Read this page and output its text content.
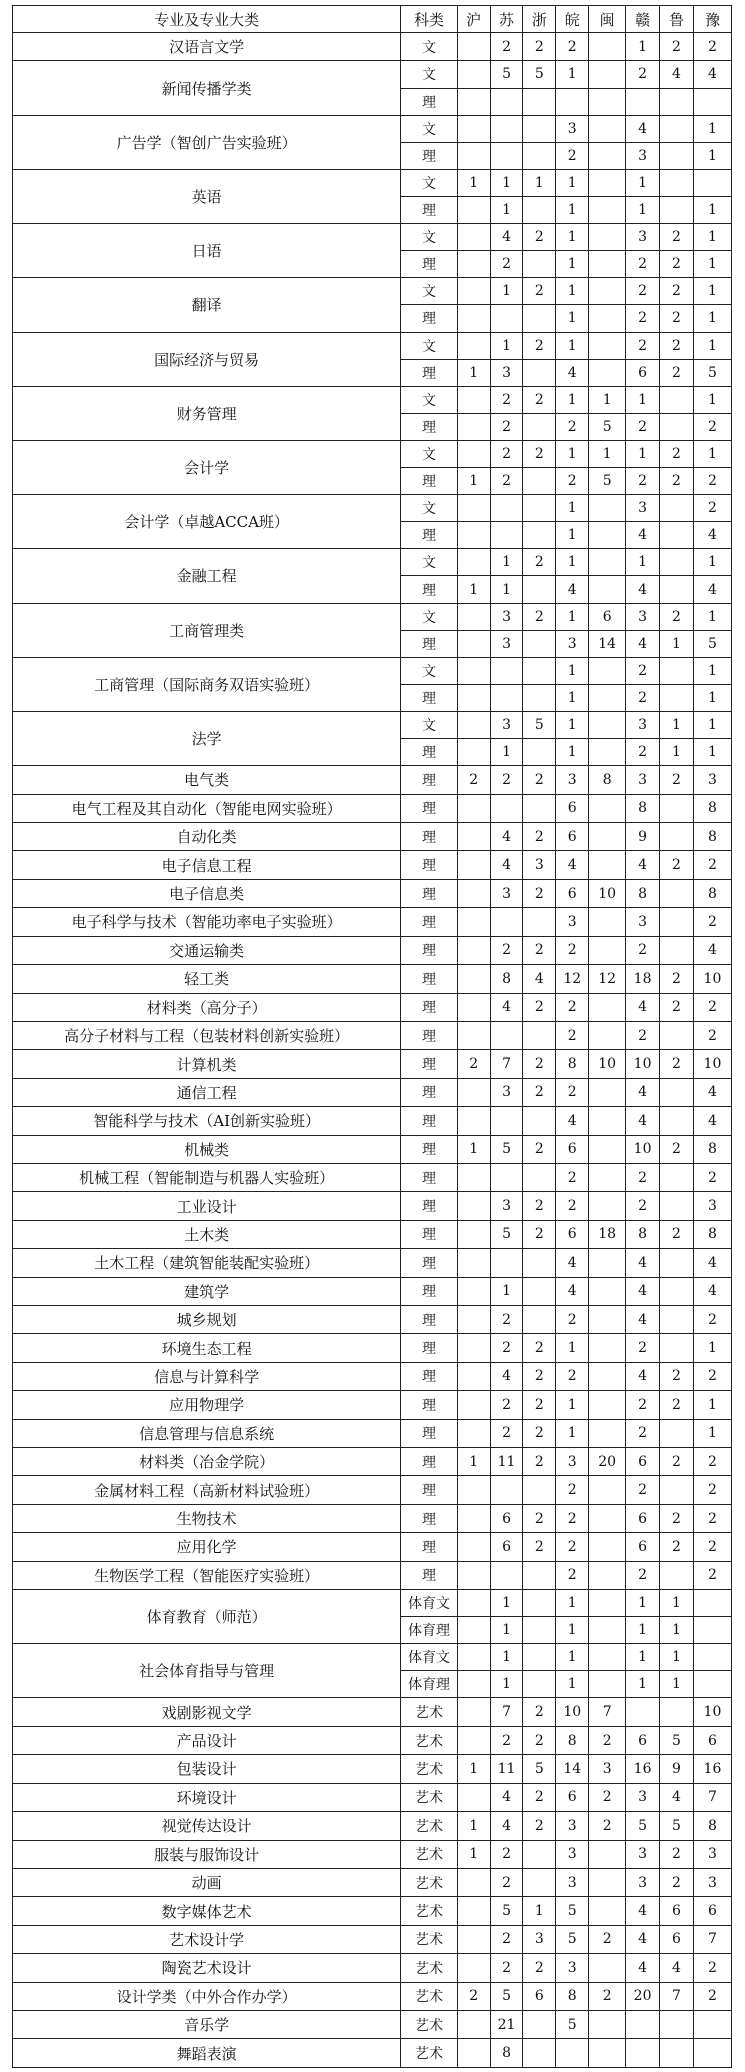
专业及专业大类	科类	沪	苏	浙	皖	闽	赣	鲁	豫
汉语言文学	文		2	2	2		1	2	2
新闻传播学类	文		5	5	1		2	4	4
	理								
广告学（智创广告实验班）	文				3		4		1
	理				2		3		1
英语	文	1	1	1	1		1		
	理		1		1		1		1
日语	文		4	2	1		3	2	1
	理		2		1		2	2	1
翻译	文		1	2	1		2	2	1
	理				1		2	2	1
国际经济与贸易	文		1	2	1		2	2	1
	理	1	3		4		6	2	5
财务管理	文		2	2	1	1	1		1
	理		2		2	5	2		2
会计学	文		2	2	1	1	1	2	1
	理	1	2		2	5	2	2	2
会计学（卓越ACCA班）	文				1		3		2
	理				1		4		4
金融工程	文		1	2	1		1		1
	理	1	1		4		4		4
工商管理类	文		3	2	1	6	3	2	1
	理		3		3	14	4	1	5
工商管理（国际商务双语实验班）	文				1		2		1
	理				1		2		1
法学	文		3	5	1		3	1	1
	理		1		1		2	1	1
电气类	理	2	2	2	3	8	3	2	3
电气工程及其自动化（智能电网实验班）	理				6		8		8
自动化类	理		4	2	6		9		8
电子信息工程	理		4	3	4		4	2	2
电子信息类	理		3	2	6	10	8		8
电子科学与技术（智能功率电子实验班）	理				3		3		2
交通运输类	理		2	2	2		2		4
轻工类	理		8	4	12	12	18	2	10
材料类（高分子）	理		4	2	2		4	2	2
高分子材料与工程（包装材料创新实验班）	理				2		2		2
计算机类	理	2	7	2	8	10	10	2	10
通信工程	理		3	2	2		4		4
智能科学与技术（AI创新实验班）	理				4		4		4
机械类	理	1	5	2	6		10	2	8
机械工程（智能制造与机器人实验班）	理				2		2		2
工业设计	理		3	2	2		2		3
土木类	理		5	2	6	18	8	2	8
土木工程（建筑智能装配实验班）	理				4		4		4
建筑学	理		1		4		4		4
城乡规划	理		2		2		4		2
环境生态工程	理		2	2	1		2		1
信息与计算科学	理		4	2	2		4	2	2
应用物理学	理		2	2	1		2	2	1
信息管理与信息系统	理		2	2	1		2		1
材料类（冶金学院）	理	1	11	2	3	20	6	2	2
金属材料工程（高新材料试验班）	理				2		2		2
生物技术	理		6	2	2		6	2	2
应用化学	理		6	2	2		6	2	2
生物医学工程（智能医疗实验班）	理				2		2		2
体育教育（师范）	体育文		1		1		1	1	
	体育理		1		1		1	1	
社会体育指导与管理	体育文		1		1		1	1	
	体育理		1		1		1	1	
戏剧影视文学	艺术		7	2	10	7			10
产品设计	艺术		2	2	8	2	6	5	6
包装设计	艺术	1	11	5	14	3	16	9	16
环境设计	艺术		4	2	6	2	3	4	7
视觉传达设计	艺术	1	4	2	3	2	5	5	8
服装与服饰设计	艺术	1	2		3		3	2	3
动画	艺术		2		3		3	2	3
数字媒体艺术	艺术		5	1	5		4	6	6
艺术设计学	艺术		2	3	5	2	4	6	7
陶瓷艺术设计	艺术		2	2	3		4	4	2
设计学类（中外合作办学）	艺术	2	5	6	8	2	20	7	2
音乐学	艺术		21		5				
舞蹈表演	艺术		8						
